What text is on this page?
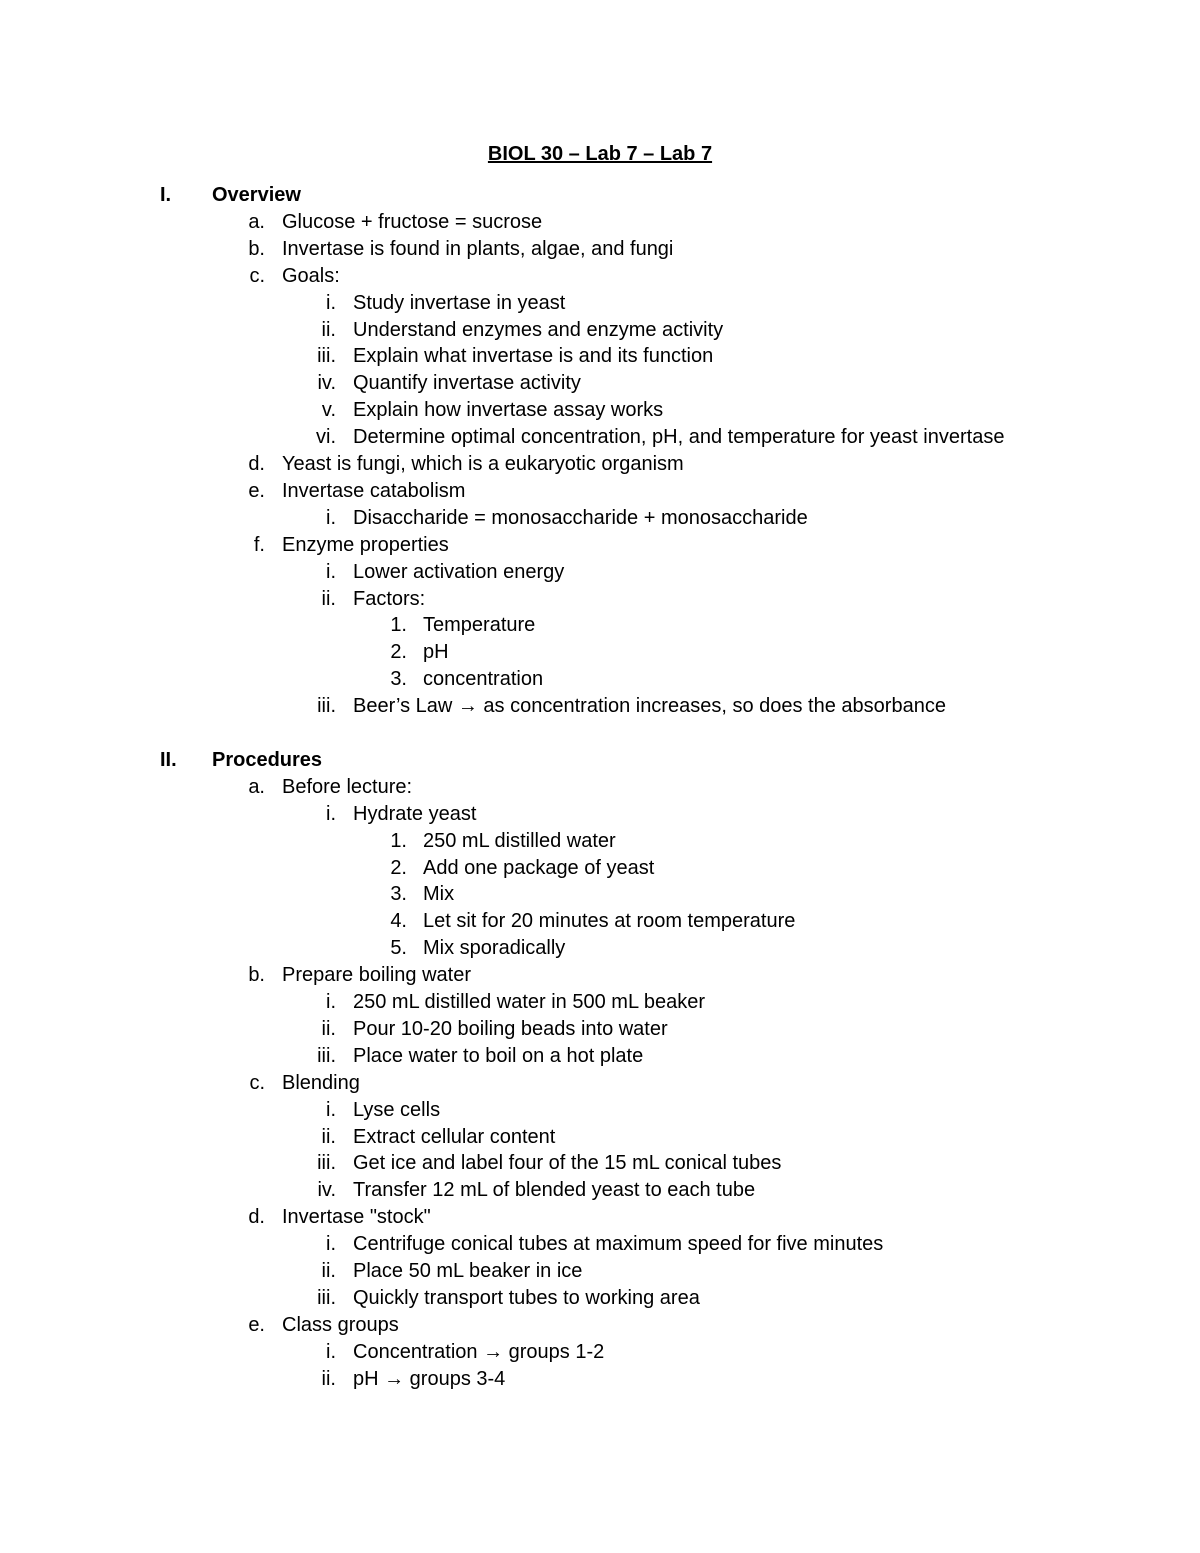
BIOL 30 – Lab 7 – Lab 7
I. Overview
a. Glucose + fructose = sucrose
b. Invertase is found in plants, algae, and fungi
c. Goals:
i. Study invertase in yeast
ii. Understand enzymes and enzyme activity
iii. Explain what invertase is and its function
iv. Quantify invertase activity
v. Explain how invertase assay works
vi. Determine optimal concentration, pH, and temperature for yeast invertase
d. Yeast is fungi, which is a eukaryotic organism
e. Invertase catabolism
i. Disaccharide = monosaccharide + monosaccharide
f. Enzyme properties
i. Lower activation energy
ii. Factors:
1. Temperature
2. pH
3. concentration
iii. Beer’s Law → as concentration increases, so does the absorbance
II. Procedures
a. Before lecture:
i. Hydrate yeast
1. 250 mL distilled water
2. Add one package of yeast
3. Mix
4. Let sit for 20 minutes at room temperature
5. Mix sporadically
b. Prepare boiling water
i. 250 mL distilled water in 500 mL beaker
ii. Pour 10-20 boiling beads into water
iii. Place water to boil on a hot plate
c. Blending
i. Lyse cells
ii. Extract cellular content
iii. Get ice and label four of the 15 mL conical tubes
iv. Transfer 12 mL of blended yeast to each tube
d. Invertase "stock"
i. Centrifuge conical tubes at maximum speed for five minutes
ii. Place 50 mL beaker in ice
iii. Quickly transport tubes to working area
e. Class groups
i. Concentration → groups 1-2
ii. pH → groups 3-4
